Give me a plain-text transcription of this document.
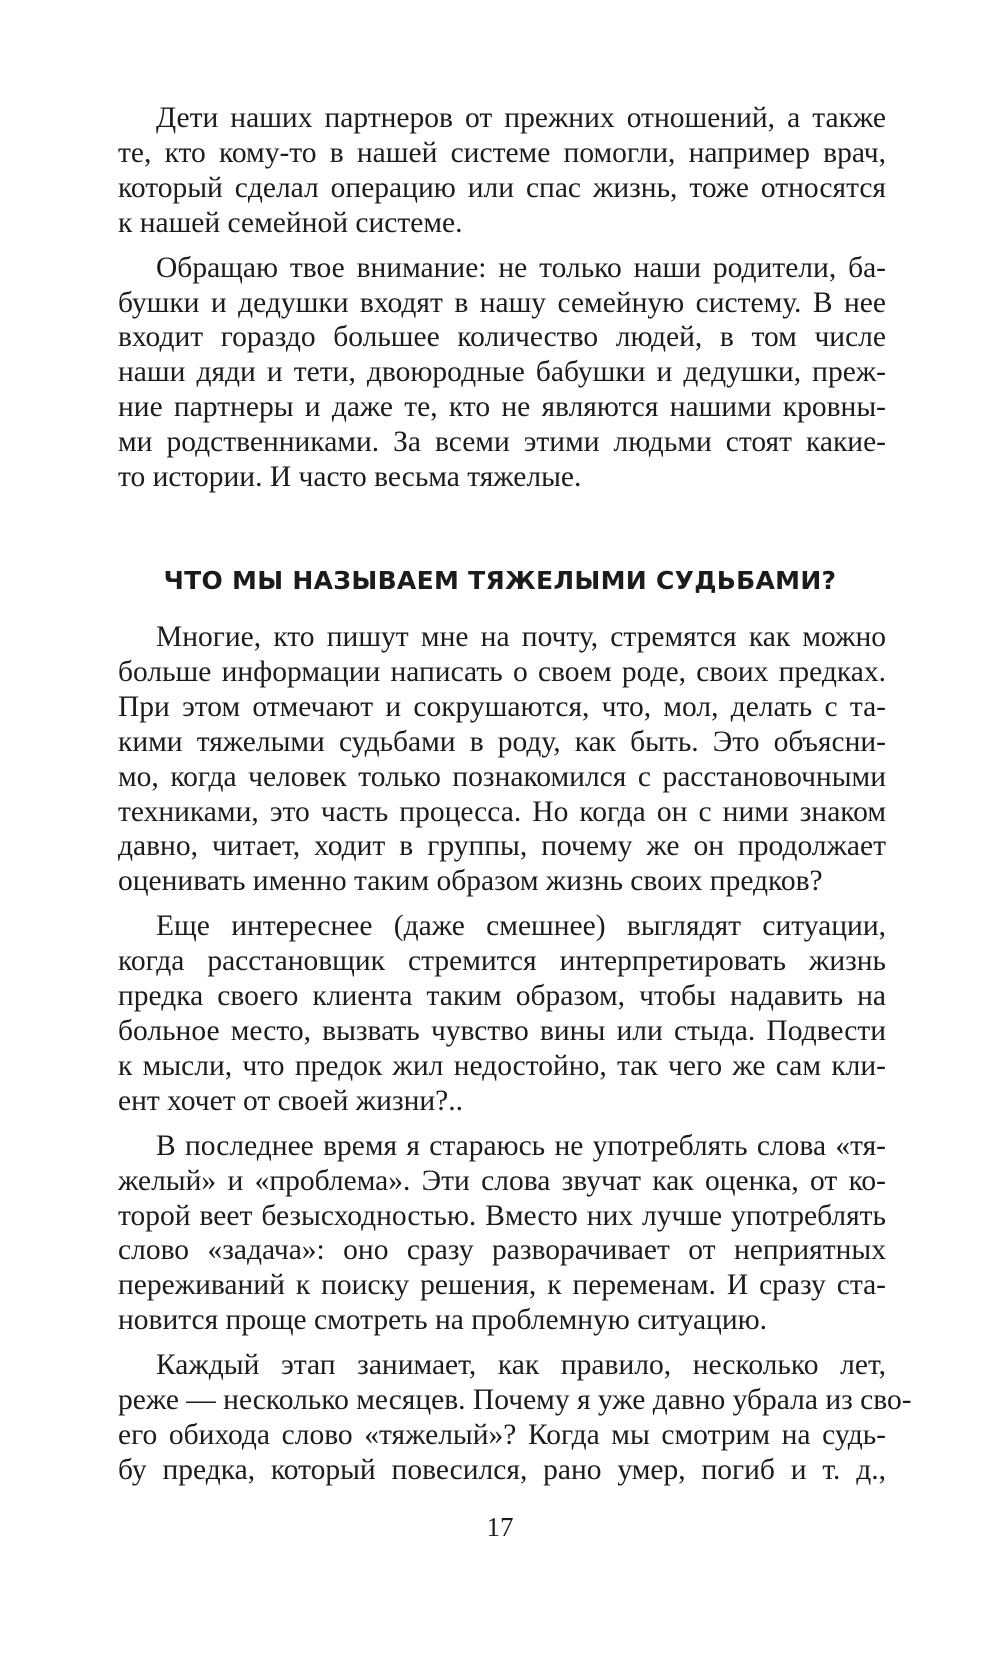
Дети наших партнеров от прежних отношений, а также
те, кто кому-то в нашей системе помогли, например врач,
который сделал операцию или спас жизнь, тоже относятся
к нашей семейной системе.
Обращаю твое внимание: не только наши родители, ба-
бушки и дедушки входят в нашу семейную систему. В нее
входит гораздо большее количество людей, в том числе
наши дяди и тети, двоюродные бабушки и дедушки, преж-
ние партнеры и даже те, кто не являются нашими кровны-
ми родственниками. За всеми этими людьми стоят какие-
то истории. И часто весьма тяжелые.
ЧТО МЫ НАЗЫВАЕМ ТЯЖЕЛЫМИ СУДЬБАМИ?
Многие, кто пишут мне на почту, стремятся как можно
больше информации написать о своем роде, своих предках.
При этом отмечают и сокрушаются, что, мол, делать с та-
кими тяжелыми судьбами в роду, как быть. Это объясни-
мо, когда человек только познакомился с расстановочными
техниками, это часть процесса. Но когда он с ними знаком
давно, читает, ходит в группы, почему же он продолжает
оценивать именно таким образом жизнь своих предков?
Еще интереснее (даже смешнее) выглядят ситуации,
когда расстановщик стремится интерпретировать жизнь
предка своего клиента таким образом, чтобы надавить на
больное место, вызвать чувство вины или стыда. Подвести
к мысли, что предок жил недостойно, так чего же сам кли-
ент хочет от своей жизни?..
В последнее время я стараюсь не употреблять слова «тя-
желый» и «проблема». Эти слова звучат как оценка, от ко-
торой веет безысходностью. Вместо них лучше употреблять
слово «задача»: оно сразу разворачивает от неприятных
переживаний к поиску решения, к переменам. И сразу ста-
новится проще смотреть на проблемную ситуацию.
Каждый этап занимает, как правило, несколько лет,
реже — несколько месяцев. Почему я уже давно убрала из сво-
его обихода слово «тяжелый»? Когда мы смотрим на судь-
бу предка, который повесился, рано умер, погиб и т. д.,
17
